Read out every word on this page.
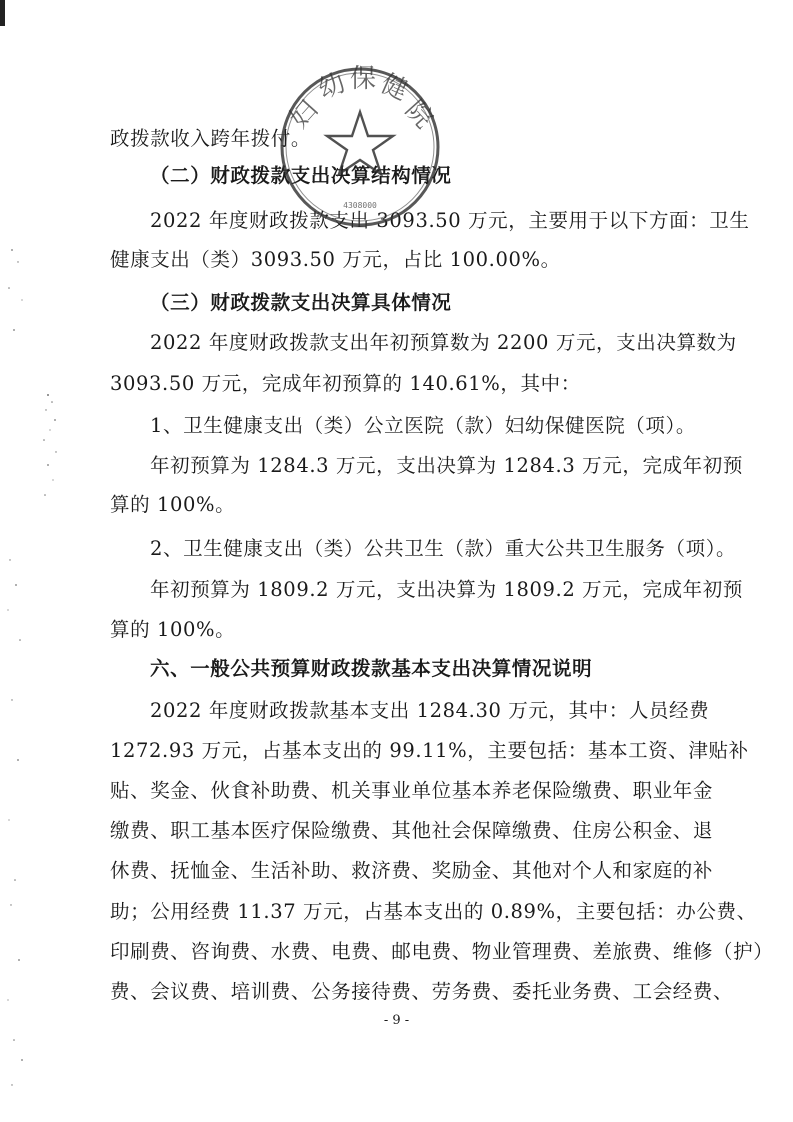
政拨款收入跨年拨付。
（二）财政拨款支出决算结构情况
2022 年度财政拨款支出 3093.50 万元，主要用于以下方面：卫生
健康支出（类）3093.50 万元，占比 100.00%。
（三）财政拨款支出决算具体情况
2022 年度财政拨款支出年初预算数为 2200 万元，支出决算数为
3093.50 万元，完成年初预算的 140.61%，其中：
1、卫生健康支出（类）公立医院（款）妇幼保健医院（项）。
年初预算为 1284.3 万元，支出决算为 1284.3 万元，完成年初预
算的 100%。
2、卫生健康支出（类）公共卫生（款）重大公共卫生服务（项）。
年初预算为 1809.2 万元，支出决算为 1809.2 万元，完成年初预
算的 100%。
六、一般公共预算财政拨款基本支出决算情况说明
2022 年度财政拨款基本支出 1284.30 万元，其中：人员经费
1272.93 万元，占基本支出的 99.11%，主要包括：基本工资、津贴补
贴、奖金、伙食补助费、机关事业单位基本养老保险缴费、职业年金
缴费、职工基本医疗保险缴费、其他社会保障缴费、住房公积金、退
休费、抚恤金、生活补助、救济费、奖励金、其他对个人和家庭的补
助；公用经费 11.37 万元，占基本支出的 0.89%，主要包括：办公费、
印刷费、咨询费、水费、电费、邮电费、物业管理费、差旅费、维修（护）
费、会议费、培训费、公务接待费、劳务费、委托业务费、工会经费、
- 9 -
妇
幼 保 健
院
4308000
